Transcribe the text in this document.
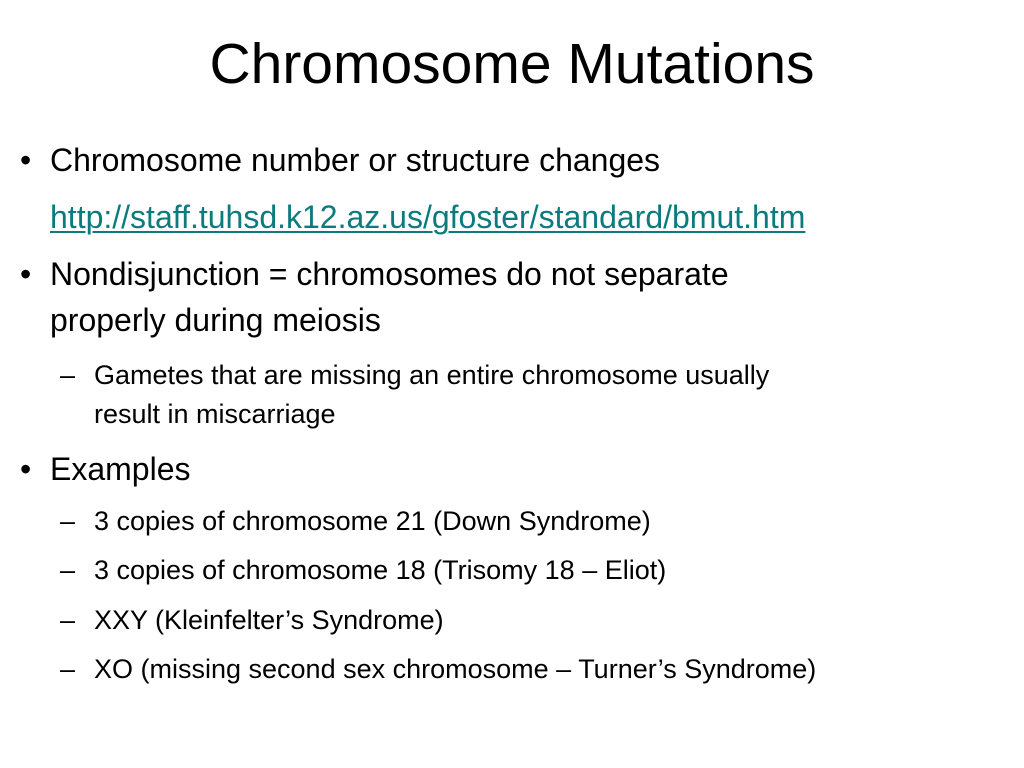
Chromosome Mutations
• Chromosome number or structure changes
http://staff.tuhsd.k12.az.us/gfoster/standard/bmut.htm
• Nondisjunction = chromosomes do not separate
properly during meiosis
– Gametes that are missing an entire chromosome usually
result in miscarriage
• Examples
– 3 copies of chromosome 21 (Down Syndrome)
– 3 copies of chromosome 18 (Trisomy 18 – Eliot)
– XXY (Kleinfelter’s Syndrome)
– XO (missing second sex chromosome – Turner’s Syndrome)
